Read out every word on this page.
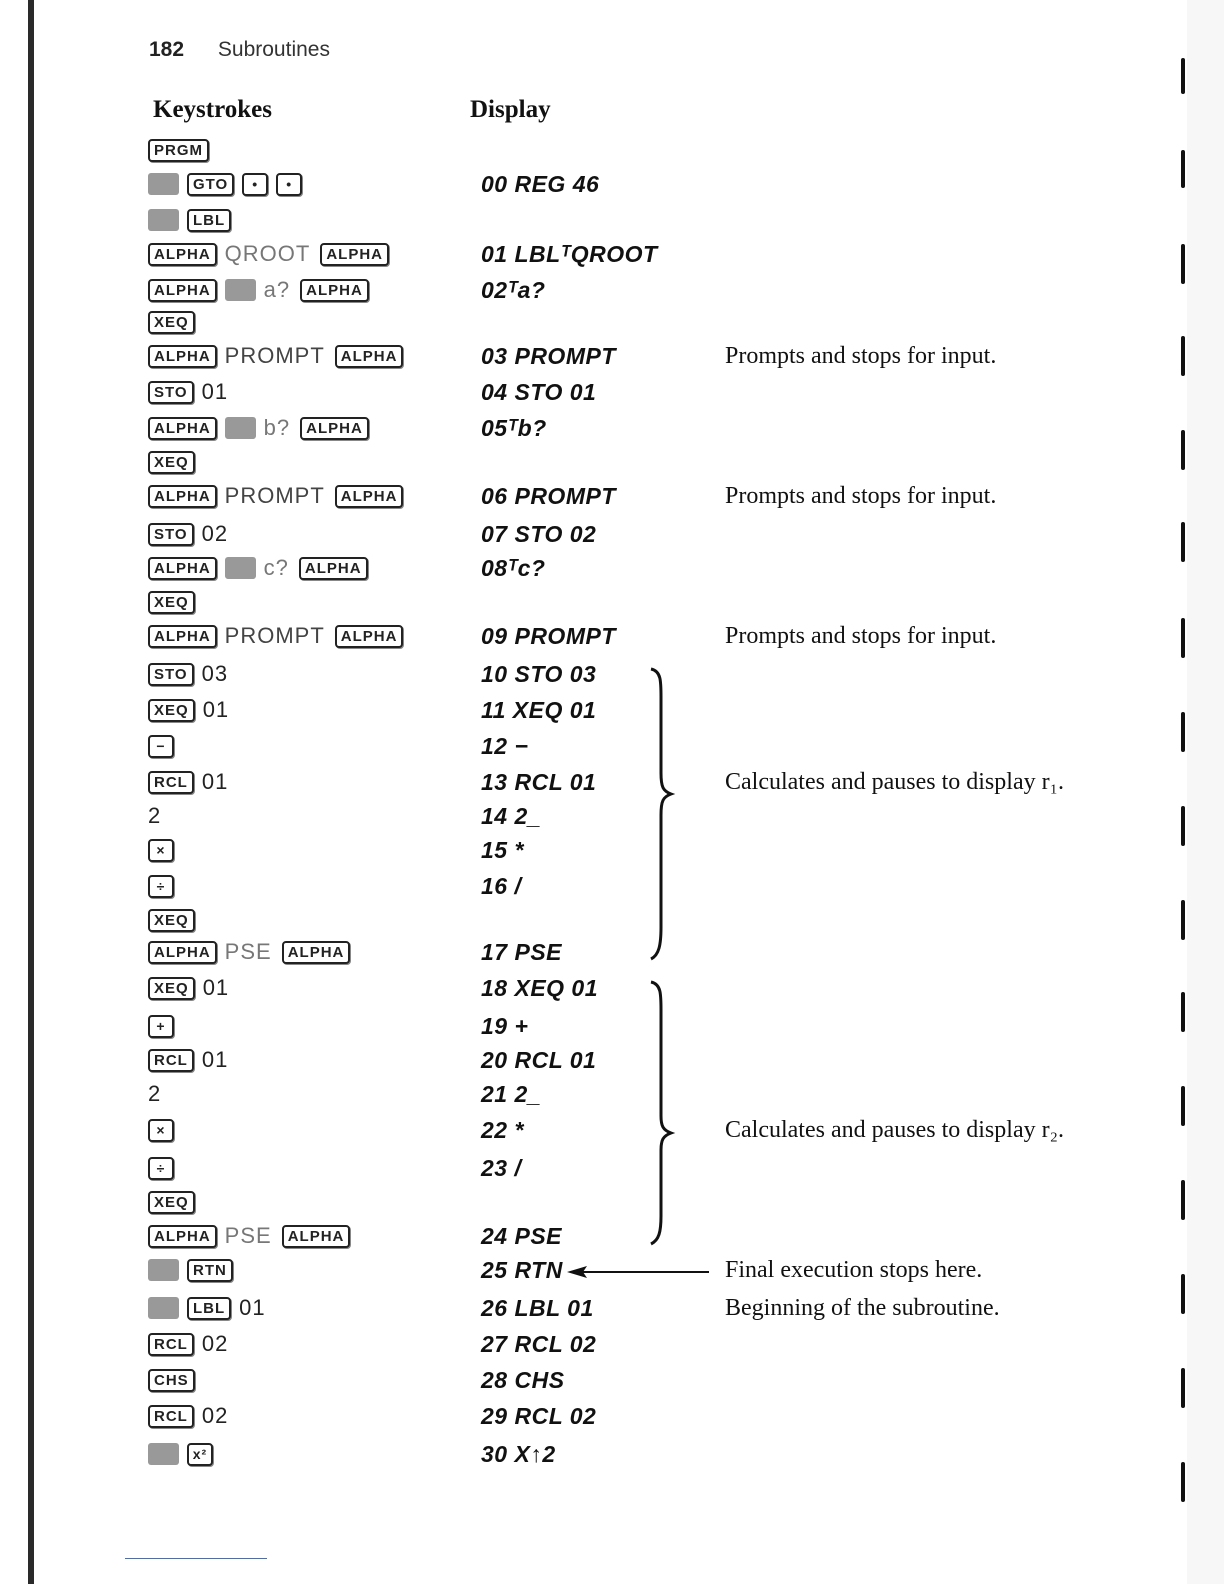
182 Subroutines
Keystrokes	Display
PRGM
GTO	•	•	00 REG 46
LBL
ALPHA QROOT	ALPHA	01 LBLᵀQROOT
ALPHA a?	ALPHA	02ᵀa?
XEQ
ALPHA PROMPT	ALPHA	03 PROMPT	Prompts and stops for input.
STO 01	04 STO 01
ALPHA b?	ALPHA	05ᵀb?
XEQ
ALPHA PROMPT	ALPHA	06 PROMPT	Prompts and stops for input.
STO 02	07 STO 02
ALPHA c?	ALPHA	08ᵀc?
XEQ
ALPHA PROMPT	ALPHA	09 PROMPT	Prompts and stops for input.
STO 03	10 STO 03
XEQ 01	11 XEQ 01
−	12 −
RCL 01	13 RCL 01	Calculates and pauses to display r₁.
2	14 2_
×	15 *
÷	16 /
XEQ
ALPHA PSE	ALPHA	17 PSE
XEQ 01	18 XEQ 01
+	19 +
RCL 01	20 RCL 01
2	21 2_
×	22 *	Calculates and pauses to display r₂.
÷	23 /
XEQ
ALPHA PSE	ALPHA	24 PSE
RTN	25 RTN	Final execution stops here.
LBL 01	26 LBL 01	Beginning of the subroutine.
RCL 02	27 RCL 02
CHS	28 CHS
RCL 02	29 RCL 02
x²	30 X↑2
